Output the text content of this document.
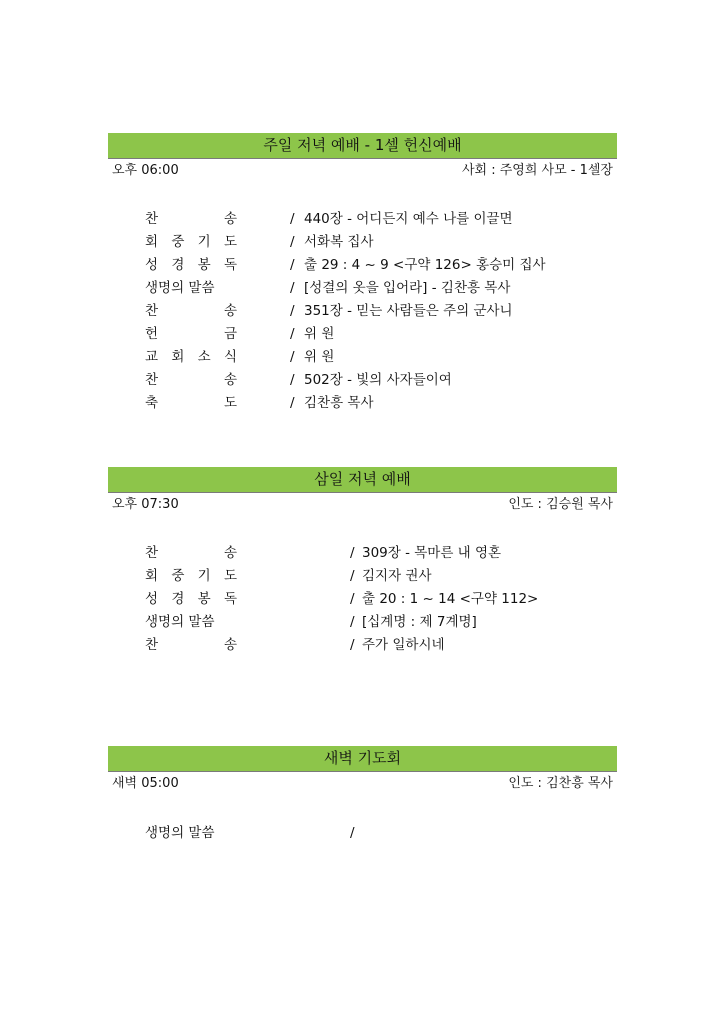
주일 저녁 예배 - 1셀 헌신예배
오후 06:00	사회 : 주영희 사모 - 1셀장
찬	송	/ 440장 - 어디든지 예수 나를 이끌면
회 중 기 도	/ 서화복 집사
성 경 봉 독	/ 출 29 : 4 ~ 9 <구약 126> 홍승미 집사
생명의 말씀	/ [성결의 옷을 입어라] - 김찬흥 목사
찬	송	/ 351장 - 믿는 사람들은 주의 군사니
헌	금	/ 위 원
교 회 소 식	/ 위 원
찬	송	/ 502장 - 빛의 사자들이여
축	도	/ 김찬흥 목사
삼일 저녁 예배
오후 07:30	인도 : 김승원 목사
찬	송	/ 309장 - 목마른 내 영혼
회 중 기 도	/ 김지자 권사
성 경 봉 독	/ 출 20 : 1 ~ 14 <구약 112>
생명의 말씀	/ [십계명 : 제 7계명]
찬	송	/ 주가 일하시네
새벽 기도회
새벽 05:00	인도 : 김찬흥 목사
생명의 말씀	/
